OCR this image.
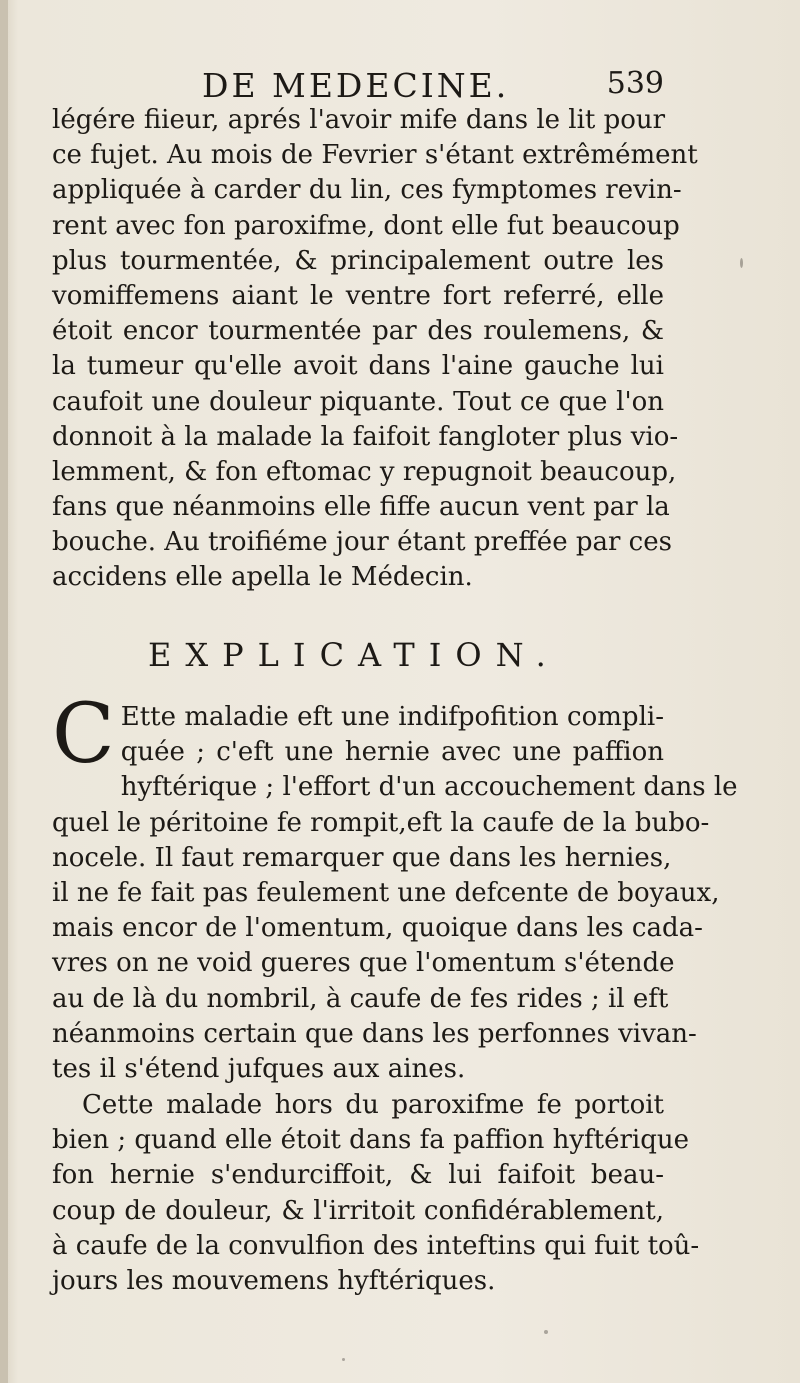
DE MEDECINE.	539
légére fiieur, aprés l'avoir mife dans le lit pour
ce fujet. Au mois de Fevrier s'étant extrêmément
appliquée à carder du lin, ces fymptomes revin-
rent avec fon paroxifme, dont elle fut beaucoup
plus tourmentée, & principalement outre les
vomiffemens aiant le ventre fort referré, elle
étoit encor tourmentée par des roulemens, &
la tumeur qu'elle avoit dans l'aine gauche lui
caufoit une douleur piquante. Tout ce que l'on
donnoit à la malade la faifoit fangloter plus vio-
lemment, & fon eftomac y repugnoit beaucoup,
fans que néanmoins elle fiffe aucun vent par la
bouche. Au troifiéme jour étant preffée par ces
accidens elle apella le Médecin.
EXPLICATION.
C Ette maladie eft une indifpofition compli-
quée ; c'eft une hernie avec une paffion
hyftérique ; l'effort d'un accouchement dans le
quel le péritoine fe rompit,eft la caufe de la bubo-
nocele. Il faut remarquer que dans les hernies,
il ne fe fait pas feulement une defcente de boyaux,
mais encor de l'omentum, quoique dans les cada-
vres on ne void gueres que l'omentum s'étende
au de là du nombril, à caufe de fes rides ; il eft
néanmoins certain que dans les perfonnes vivan-
tes il s'étend jufques aux aines.
Cette malade hors du paroxifme fe portoit
bien ; quand elle étoit dans fa paffion hyftérique
fon hernie s'endurciffoit, & lui faifoit beau-
coup de douleur, & l'irritoit confidérablement,
à caufe de la convulfion des inteftins qui fuit toû-
jours les mouvemens hyftériques.
